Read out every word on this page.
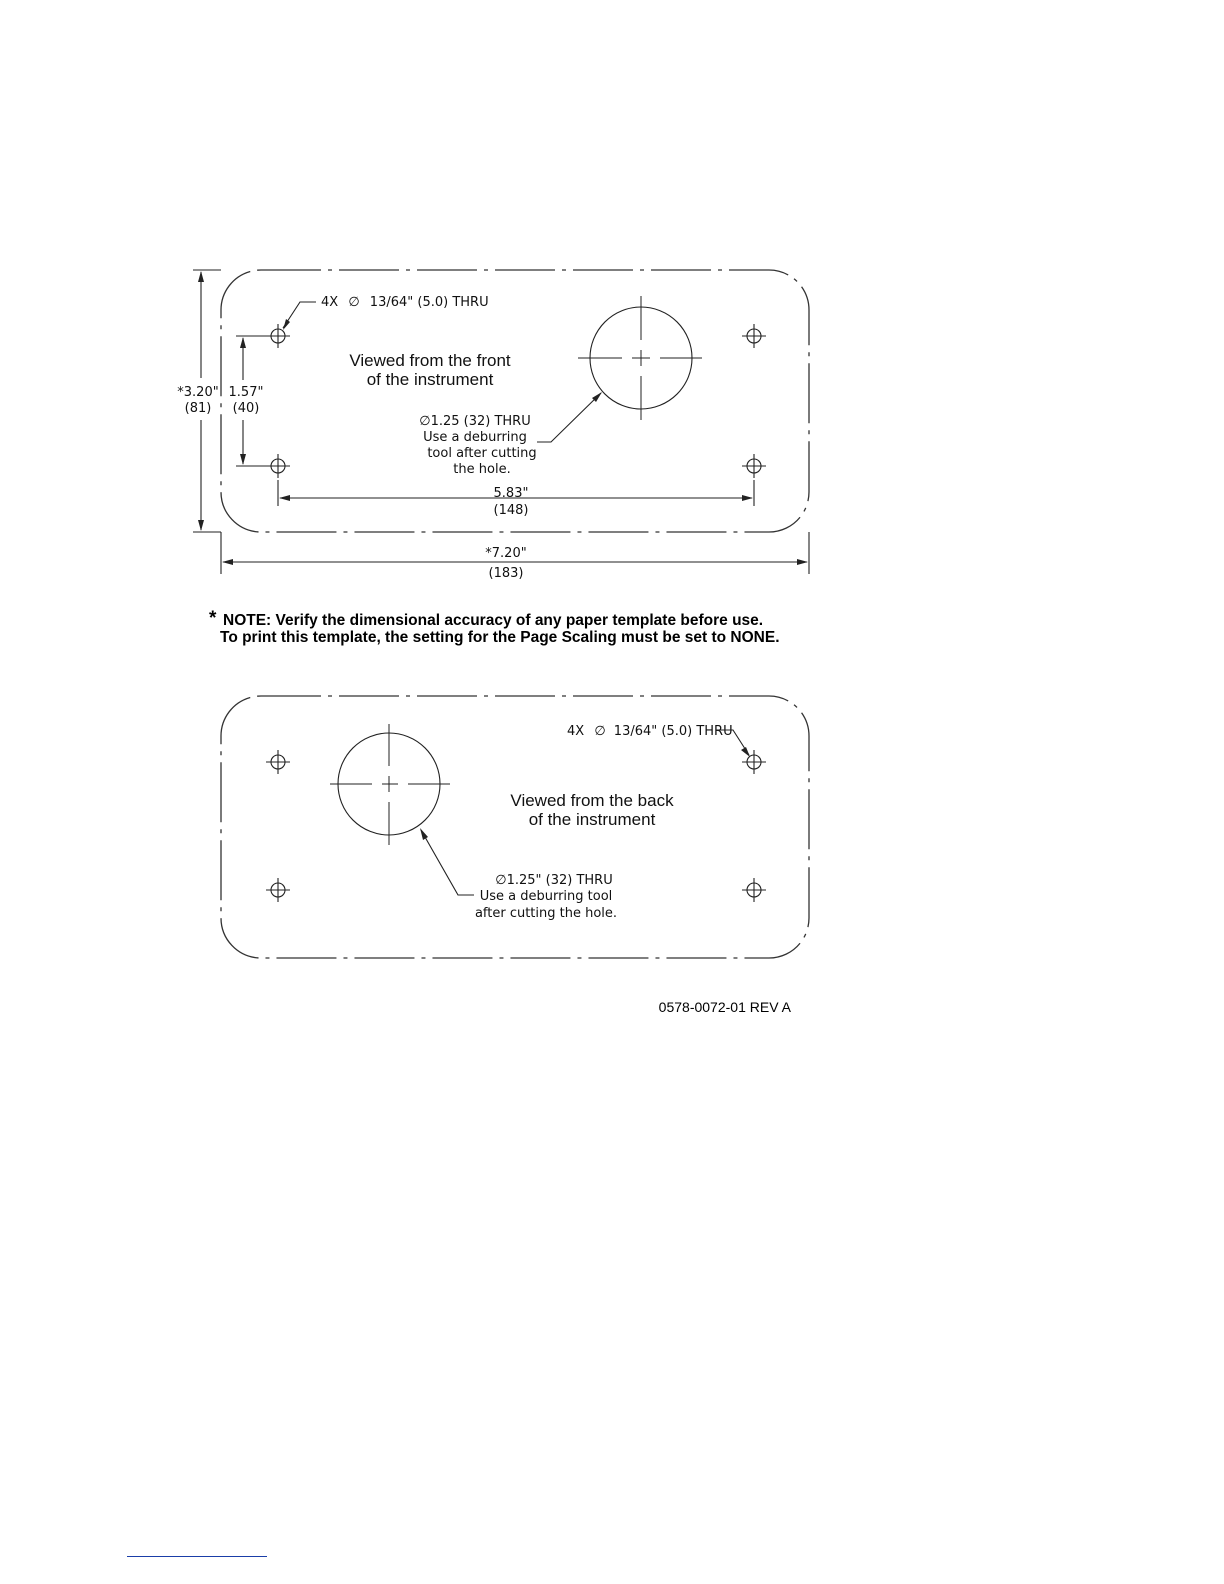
4X ∅ 13/64" (5.0) THRU
Viewed from the front
of the instrument
∅1.25 (32) THRU
Use a deburring
tool after cutting
the hole.
*3.20"
(81)
1.57"
(40)
5.83"
(148)
*7.20"
(183)
* NOTE: Verify the dimensional accuracy of any paper template before use.
To print this template, the setting for the Page Scaling must be set to NONE.
4X ∅ 13/64" (5.0) THRU
Viewed from the back
of the instrument
∅1.25" (32) THRU
Use a deburring tool
after cutting the hole.
0578-0072-01 REV A
